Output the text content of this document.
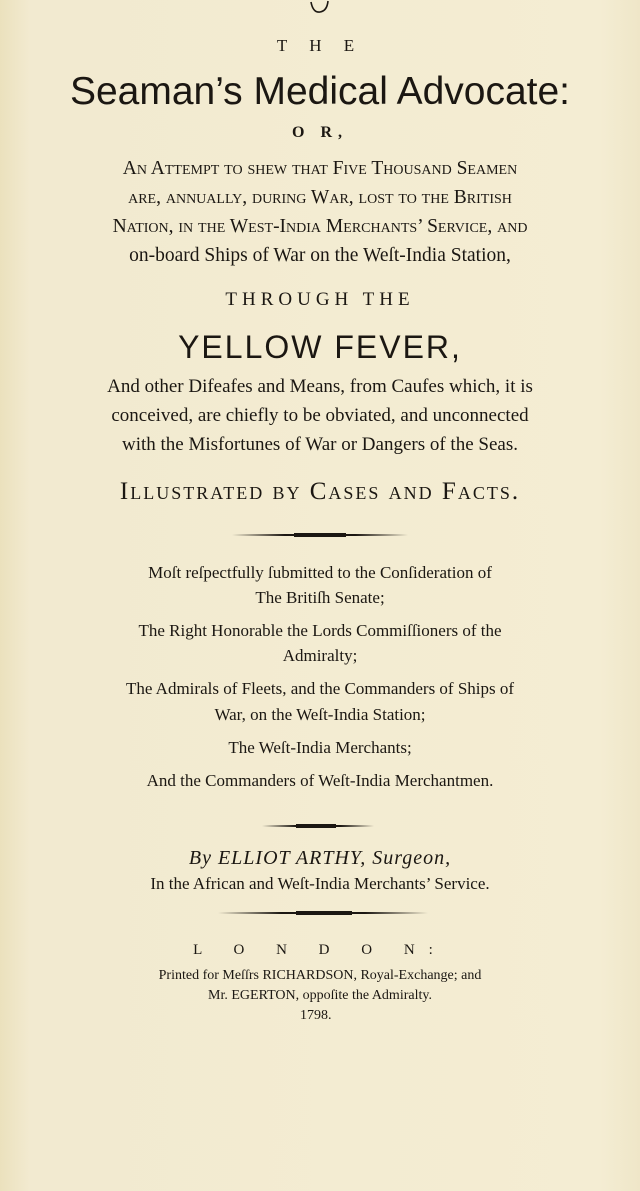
T H E
Seaman’s Medical Advocate:
O R,
An Attempt to ſhew that Five Thousand Seamen
are, annually, during War, lost to the British
Nation, in the Weſt-India Merchants’ Service, and
on-board Ships of War on the Weſt-India Station,
THROUGH THE
YELLOW FEVER,
And other Difeafes and Means, from Caufes which, it is
conceived, are chiefly to be obviated, and unconnected
with the Misfortunes of War or Dangers of the Seas.
Illustrated by Cases and Facts.
Moſt reſpectfully ſubmitted to the Conſideration of
The Britiſh Senate;
The Right Honorable the Lords Commiſſioners of the
Admiralty;
The Admirals of Fleets, and the Commanders of Ships of
War, on the Weſt-India Station;
The Weſt-India Merchants;
And the Commanders of Weſt-India Merchantmen.
By ELLIOT ARTHY, Surgeon,
In the African and Weſt-India Merchants’ Service.
L O N D O N:
Printed for Meſſrs RICHARDSON, Royal-Exchange; and
Mr. EGERTON, oppoſite the Admiralty.
1798.
